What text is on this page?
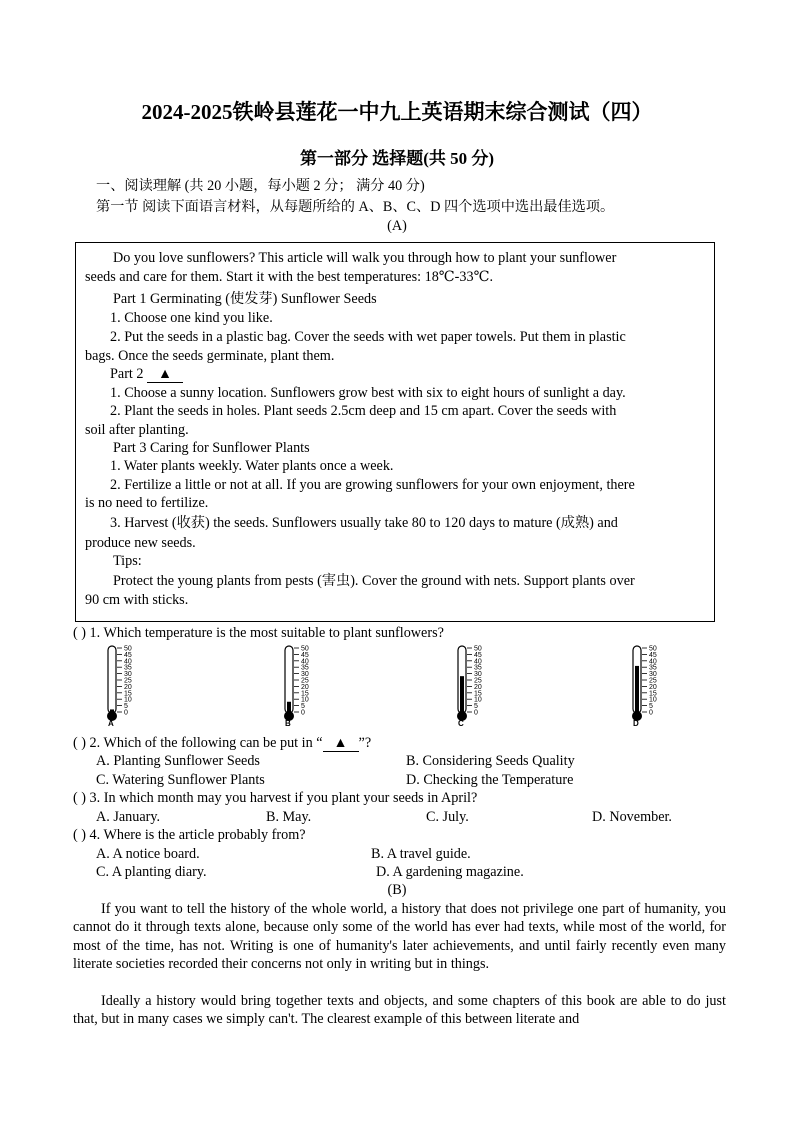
2024-2025铁岭县莲花一中九上英语期末综合测试（四）
第一部分 选择题(共 50 分)
一、阅读理解 (共 20 小题，每小题 2 分； 满分 40 分)
第一节 阅读下面语言材料，从每题所给的 A、B、C、D 四个选项中选出最佳选项。
(A)
Do you love sunflowers? This article will walk you through how to plant your sunflower
seeds and care for them. Start it with the best temperatures: 18℃-33℃.
Part 1 Germinating (使发芽) Sunflower Seeds
1. Choose one kind you like.
2. Put the seeds in a plastic bag. Cover the seeds with wet paper towels. Put them in plastic
bags. Once the seeds germinate, plant them.
Part 2 ▲
1. Choose a sunny location. Sunflowers grow best with six to eight hours of sunlight a day.
2. Plant the seeds in holes. Plant seeds 2.5cm deep and 15 cm apart. Cover the seeds with
soil after planting.
Part 3 Caring for Sunflower Plants
1. Water plants weekly. Water plants once a week.
2. Fertilize a little or not at all. If you are growing sunflowers for your own enjoyment, there
is no need to fertilize.
3. Harvest (收获) the seeds. Sunflowers usually take 80 to 120 days to mature (成熟) and
produce new seeds.
Tips:
Protect the young plants from pests (害虫). Cover the ground with nets. Support plants over
90 cm with sticks.
( ) 1. Which temperature is the most suitable to plant sunflowers?
50
45
40
35
30
25
20
15
10
5
0
A
50
45
40
35
30
25
20
15
10
5
0
B
50
45
40
35
30
25
20
15
10
5
0
C
50
45
40
35
30
25
20
15
10
5
0
D
( ) 2. Which of the following can be put in “ ▲ ”?
A. Planting Sunflower Seeds	B. Considering Seeds Quality
C. Watering Sunflower Plants	D. Checking the Temperature
( ) 3. In which month may you harvest if you plant your seeds in April?
A. January.	B. May.	C. July.	D. November.
( ) 4. Where is the article probably from?
A. A notice board.	B. A travel guide.
C. A planting diary.	D. A gardening magazine.
(B)
If you want to tell the history of the whole world, a history that does not privilege one part of humanity, you cannot do it through texts alone, because only some of the world has ever had texts, while most of the world, for most of the time, has not. Writing is one of humanity's later achievements, and until fairly recently even many literate societies recorded their concerns not only in writing but in things.
Ideally a history would bring together texts and objects, and some chapters of this book are able to do just that, but in many cases we simply can't. The clearest example of this between literate and
